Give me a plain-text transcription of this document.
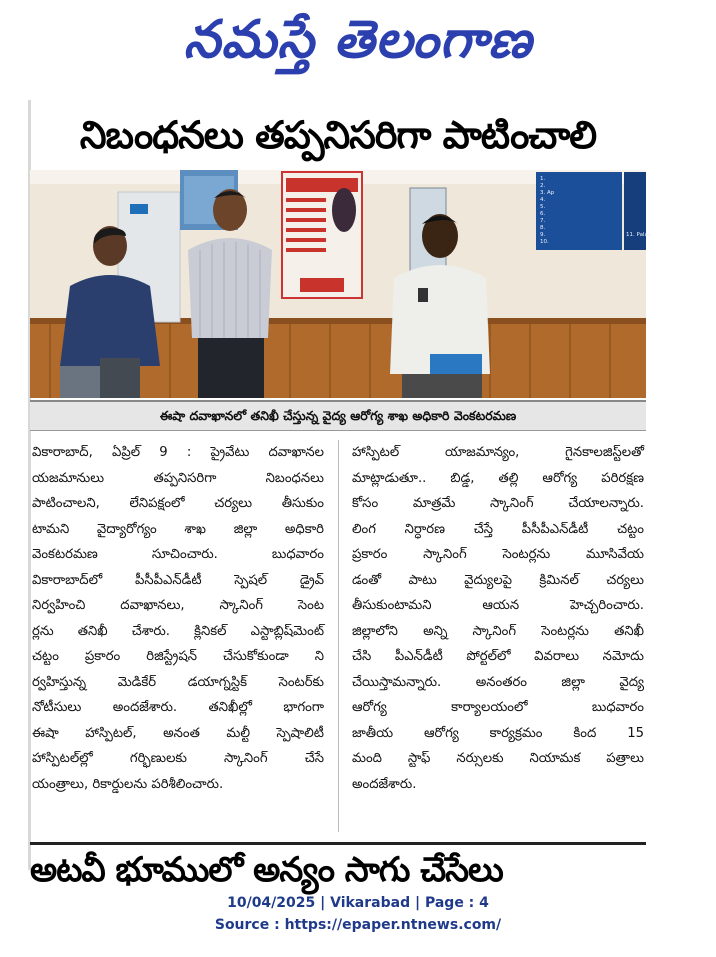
నమస్తే తెలంగాణ
నిబంధనలు తప్పనిసరిగా పాటించాలి
1.
2.
3. Ap
4.
5.
6.
7.
8.
9.
10.
11. Palac
ఈషా దవాఖానలో తనిఖీ చేస్తున్న వైద్య ఆరోగ్య శాఖ అధికారి వెంకటరమణ

వికారాబాద్, ఏప్రిల్ 9 : ప్రైవేటు దవాఖానల

యజమానులు తప్పనిసరిగా నిబంధనలు

పాటించాలని, లేనిపక్షంలో చర్యలు తీసుకుం

టామని వైద్యారోగ్యం శాఖ జిల్లా అధికారి

వెంకటరమణ సూచించారు. బుధవారం

వికారాబాద్‌లో పీసీపీఎన్‌డీటీ స్పెషల్ డ్రైవ్

నిర్వహించి దవాఖానలు, స్కానింగ్ సెంట

ర్లను తనిఖీ చేశారు. క్లినికల్ ఎస్టాబ్లిష్‌మెంట్

చట్టం ప్రకారం రిజిస్ట్రేషన్ చేసుకోకుండా ని

ర్వహిస్తున్న మెడికేర్ డయాగ్నస్టిక్ సెంటర్‌కు

నోటీసులు అందజేశారు. తనిఖీల్లో భాగంగా

ఈషా హాస్పిటల్, అనంత మల్టీ స్పెషాలిటీ

హాస్పిటల్‌ల్లో గర్భిణులకు స్కానింగ్ చేసే

యంత్రాలు, రికార్డులను పరిశీలించారు.

హాస్పిటల్ యాజమాన్యం, గైనకాలజిస్ట్‌లతో

మాట్లాడుతూ.. బిడ్డ, తల్లి ఆరోగ్య పరిరక్షణ

కోసం మాత్రమే స్కానింగ్ చేయాలన్నారు.

లింగ నిర్ధారణ చేస్తే పీసీపీఎన్‌డీటీ చట్టం

ప్రకారం స్కానింగ్ సెంటర్లను మూసివేయ

డంతో పాటు వైద్యులపై క్రిమినల్ చర్యలు

తీసుకుంటామని ఆయన హెచ్చరించారు.

జిల్లాలోని అన్ని స్కానింగ్ సెంటర్లను తనిఖీ

చేసి పీఎన్‌డీటీ పోర్టల్‌లో వివరాలు నమోదు

చేయిస్తామన్నారు. అనంతరం జిల్లా వైద్య

ఆరోగ్య కార్యాలయంలో బుధవారం

జాతీయ ఆరోగ్య కార్యక్రమం కింద 15

మంది స్టాఫ్ నర్సులకు నియామక పత్రాలు

అందజేశారు.

అటవీ భూములో అన్యం సాగు చేసేలు
10/04/2025 | Vikarabad | Page : 4
Source : https://epaper.ntnews.com/
